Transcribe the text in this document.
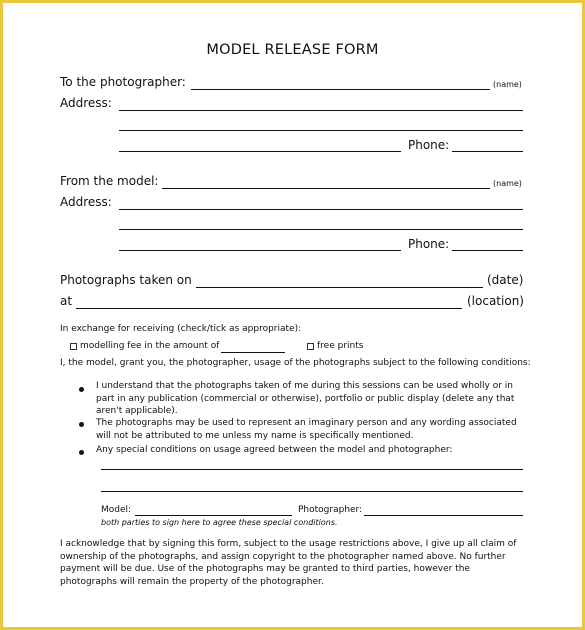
MODEL RELEASE FORM
To the photographer:	(name)
Address:
Phone:
From the model:	(name)
Address:
Phone:
Photographs taken on	(date)
at	(location)
In exchange for receiving (check/tick as appropriate):
modelling fee in the amount of	free prints
I, the model, grant you, the photographer, usage of the photographs subject to the following conditions:
I understand that the photographs taken of me during this sessions can be used wholly or in
part in any publication (commercial or otherwise), portfolio or public display (delete any that
aren't applicable).
The photographs may be used to represent an imaginary person and any wording associated
will not be attributed to me unless my name is specifically mentioned.
Any special conditions on usage agreed between the model and photographer:
Model:	Photographer:
both parties to sign here to agree these special conditions.
I acknowledge that by signing this form, subject to the usage restrictions above, I give up all claim of
ownership of the photographs, and assign copyright to the photographer named above. No further
payment will be due. Use of the photographs may be granted to third parties, however the
photographs will remain the property of the photographer.
